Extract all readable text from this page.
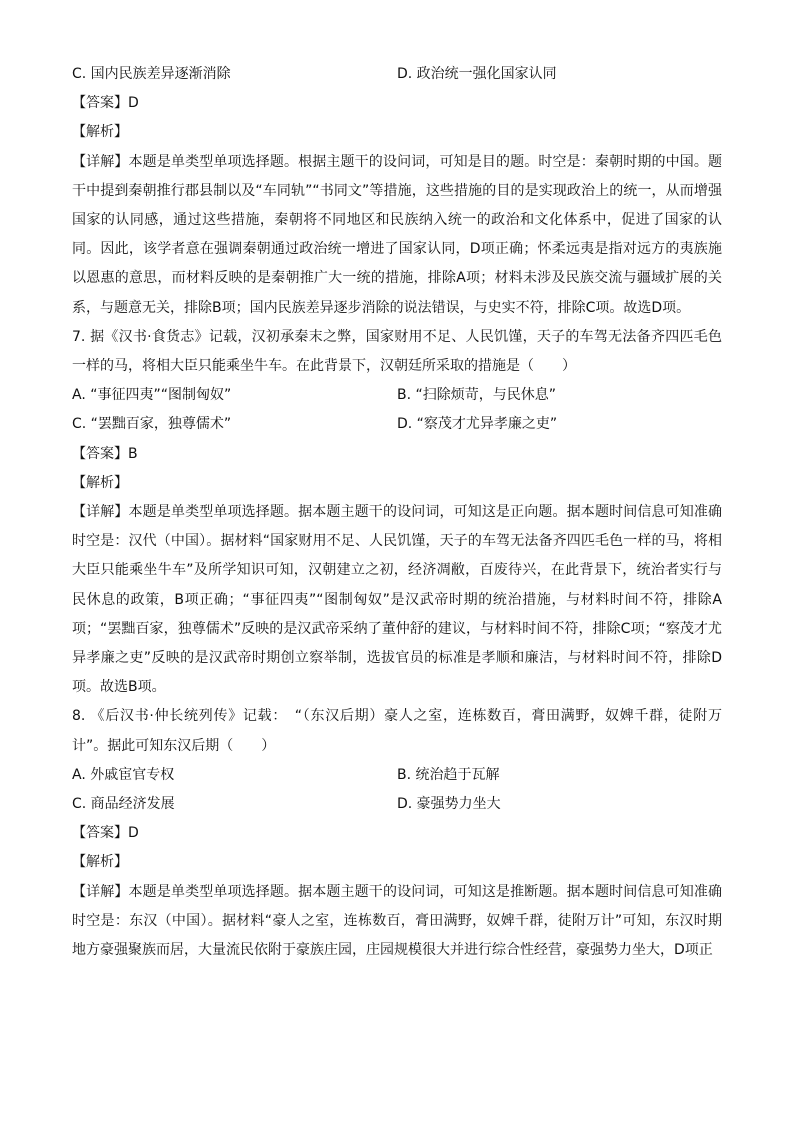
C. 国内民族差异逐渐消除	D. 政治统一强化国家认同
【答案】D
【解析】
【详解】本题是单类型单项选择题。根据主题干的设问词，可知是目的题。时空是：秦朝时期的中国。题干中提到秦朝推行郡县制以及“车同轨”“书同文”等措施，这些措施的目的是实现政治上的统一，从而增强国家的认同感，通过这些措施，秦朝将不同地区和民族纳入统一的政治和文化体系中，促进了国家的认同。因此，该学者意在强调秦朝通过政治统一增进了国家认同，D项正确；怀柔远夷是指对远方的夷族施以恩惠的意思，而材料反映的是秦朝推广大一统的措施，排除A项；材料未涉及民族交流与疆域扩展的关系，与题意无关，排除B项；国内民族差异逐步消除的说法错误，与史实不符，排除C项。故选D项。
7. 据《汉书·食货志》记载，汉初承秦末之弊，国家财用不足、人民饥馑，天子的车驾无法备齐四匹毛色一样的马，将相大臣只能乘坐牛车。在此背景下，汉朝廷所采取的措施是（　　）
A. “事征四夷”“图制匈奴”	B. “扫除烦苛，与民休息”
C. “罢黜百家，独尊儒术”	D. “察茂才尤异孝廉之吏”
【答案】B
【解析】
【详解】本题是单类型单项选择题。据本题主题干的设问词，可知这是正向题。据本题时间信息可知准确时空是：汉代（中国）。据材料“国家财用不足、人民饥馑，天子的车驾无法备齐四匹毛色一样的马，将相大臣只能乘坐牛车”及所学知识可知，汉朝建立之初，经济凋敝，百废待兴，在此背景下，统治者实行与民休息的政策，B项正确；“事征四夷”“图制匈奴”是汉武帝时期的统治措施，与材料时间不符，排除A项；“罢黜百家，独尊儒术”反映的是汉武帝采纳了董仲舒的建议，与材料时间不符，排除C项；“察茂才尤异孝廉之吏”反映的是汉武帝时期创立察举制，选拔官员的标准是孝顺和廉洁，与材料时间不符，排除D项。故选B项。
8. 《后汉书·仲长统列传》记载：　“（东汉后期）豪人之室，连栋数百，膏田满野，奴婢千群，徒附万计”。据此可知东汉后期（　　）
A. 外戚宦官专权	B. 统治趋于瓦解
C. 商品经济发展	D. 豪强势力坐大
【答案】D
【解析】
【详解】本题是单类型单项选择题。据本题主题干的设问词，可知这是推断题。据本题时间信息可知准确时空是：东汉（中国）。据材料“豪人之室，连栋数百，膏田满野，奴婢千群，徒附万计”可知，东汉时期地方豪强聚族而居，大量流民依附于豪族庄园，庄园规模很大并进行综合性经营，豪强势力坐大，D项正
